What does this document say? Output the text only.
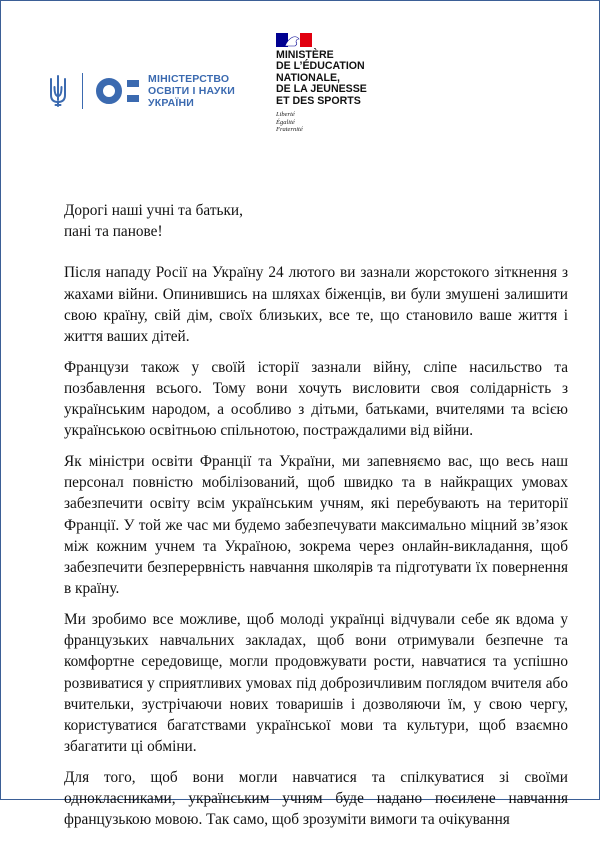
МІНІСТЕРСТВО
ОСВІТИ І НАУКИ
УКРАЇНИ
MINISTÈRE
DE L’ÉDUCATION
NATIONALE,
DE LA JEUNESSE
ET DES SPORTS
Liberté
Égalité
Fraternité
Дорогі наші учні та батьки,
пані та панове!

Після нападу Росії на Україну 24 лютого ви зазнали жорстокого зіткнення з жахами війни. Опинившись на шляхах біженців, ви були змушені залишити свою країну, свій дім, своїх близьких, все те, що становило ваше життя і життя ваших дітей.

Французи також у своїй історії зазнали війну, сліпе насильство та позбавлення всього. Тому вони хочуть висловити своя солідарність з українським народом, а особливо з дітьми, батьками, вчителями та всією українською освітньою спільнотою, постраждалими від війни.

Як міністри освіти Франції та України, ми запевняємо вас, що весь наш персонал повністю мобілізований, щоб швидко та в найкращих умовах забезпечити освіту всім українським учням, які перебувають на території Франції. У той же час ми будемо забезпечувати максимально міцний зв’язок між кожним учнем та Україною, зокрема через онлайн-викладання, щоб забезпечити безперервність навчання школярів та підготувати їх повернення в країну.

Ми зробимо все можливе, щоб молоді українці відчували себе як вдома у французьких навчальних закладах, щоб вони отримували безпечне та комфортне середовище, могли продовжувати рости, навчатися та успішно розвиватися у сприятливих умовах під доброзичливим поглядом вчителя або вчительки, зустрічаючи нових товаришів і дозволяючи їм, у свою чергу, користуватися багатствами української мови та культури, щоб взаємно збагатити ці обміни.

Для того, щоб вони могли навчатися та спілкуватися зі своїми однокласниками, українським учням буде надано посилене навчання французькою мовою. Так само, щоб зрозуміти вимоги та очікування
